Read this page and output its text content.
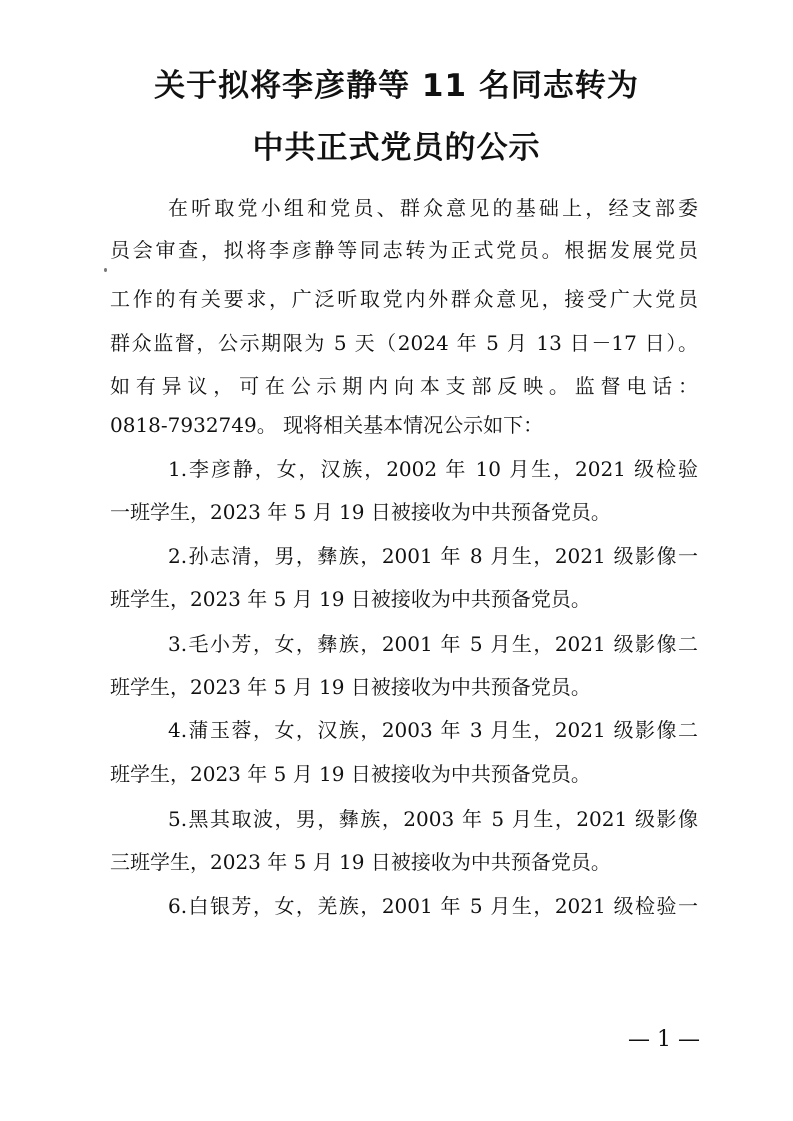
关于拟将李彦静等 11 名同志转为
中共正式党员的公示
在听取党小组和党员、群众意见的基础上，经支部委
员会审查，拟将李彦静等同志转为正式党员。根据发展党员
工作的有关要求，广泛听取党内外群众意见，接受广大党员
群众监督，公示期限为 5 天（2024 年 5 月 13 日－17 日）。
如有异议，可在公示期内向本支部反映。监督电话：
0818-7932749。 现将相关基本情况公示如下：
1.李彦静，女，汉族，2002 年 10 月生，2021 级检验
一班学生，2023 年 5 月 19 日被接收为中共预备党员。
2.孙志清，男，彝族，2001 年 8 月生，2021 级影像一
班学生，2023 年 5 月 19 日被接收为中共预备党员。
3.毛小芳，女，彝族，2001 年 5 月生，2021 级影像二
班学生，2023 年 5 月 19 日被接收为中共预备党员。
4.蒲玉蓉，女，汉族，2003 年 3 月生，2021 级影像二
班学生，2023 年 5 月 19 日被接收为中共预备党员。
5.黑其取波，男，彝族，2003 年 5 月生，2021 级影像
三班学生，2023 年 5 月 19 日被接收为中共预备党员。
6.白银芳，女，羌族，2001 年 5 月生，2021 级检验一
— 1 —
